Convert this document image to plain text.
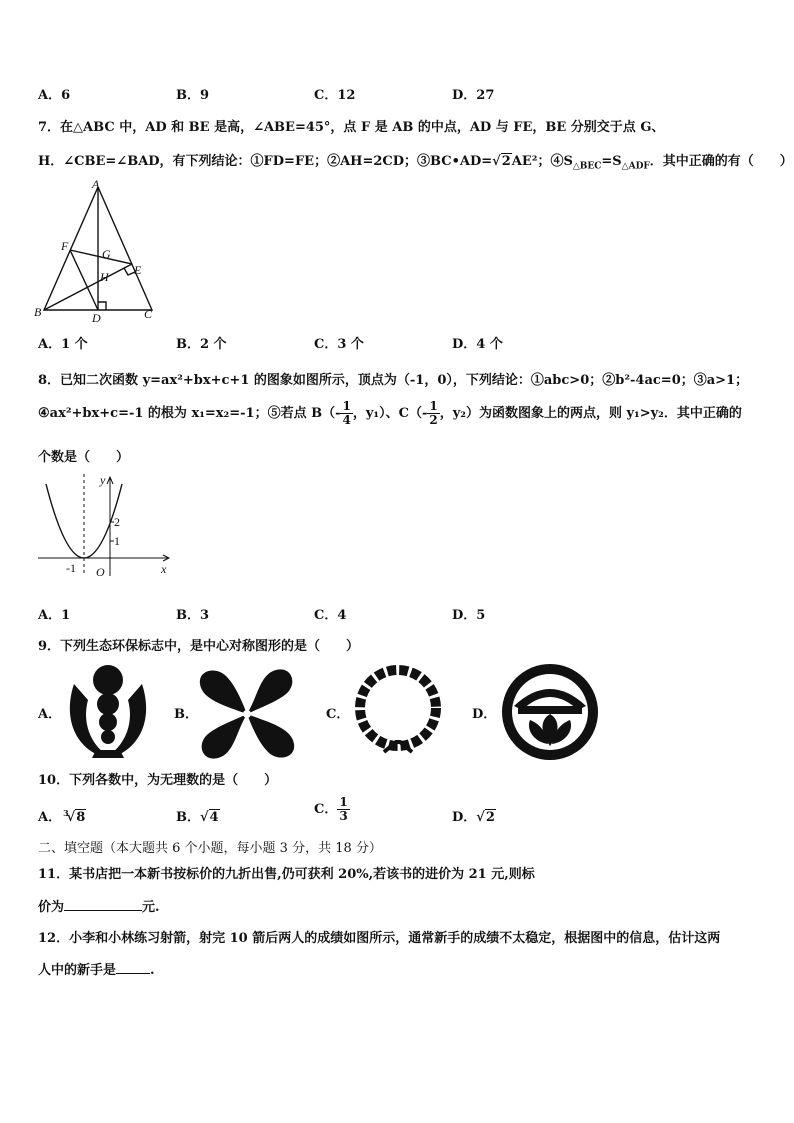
A．6	B．9	C．12	D．27
7．在△ABC 中，AD 和 BE 是高，∠ABE=45°，点 F 是 AB 的中点，AD 与 FE，BE 分别交于点 G、
H．∠CBE=∠BAD，有下列结论：①FD=FE；②AH=2CD；③BC•AD=√2AE²；$④S_{\triangle BEC}=S_{\triangle ADF}$．其中正确的有（　　）
A
B	C
D
E
F
G
H
A．1 个	B．2 个	C．3 个	D．4 个
8．已知二次函数 y=ax²+bx+c+1 的图象如图所示，顶点为（-1，0），下列结论：①abc>0；②b²-4ac=0；③a>1；
④ax²+bx+c=-1 的根为 x₁=x₂=-1；⑤若点 $B(- \frac{1}{4}$ ，y₁）、$C(- \frac{1}{2}$ ，y₂）为函数图象上的两点，则 y₁>y₂．其中正确的
个数是（　　）
y
x
2
1
-1 O
A．1	B．3	C．4	D．5
9．下列生态环保标志中，是中心对称图形的是（　　）
A．	B．	C．	D．
10．下列各数中，为无理数的是（　　）
A． $^3$√8	B．√4
C． $\frac{1}{3}$	D．√2
二、填空题（本大题共 6 个小题，每小题 3 分，共 18 分）
11．某书店把一本新书按标价的九折出售,仍可获利 20%,若该书的进价为 21 元,则标
价为	元.
12．小李和小林练习射箭，射完 10 箭后两人的成绩如图所示，通常新手的成绩不太稳定，根据图中的信息，估计这两
人中的新手是	.
